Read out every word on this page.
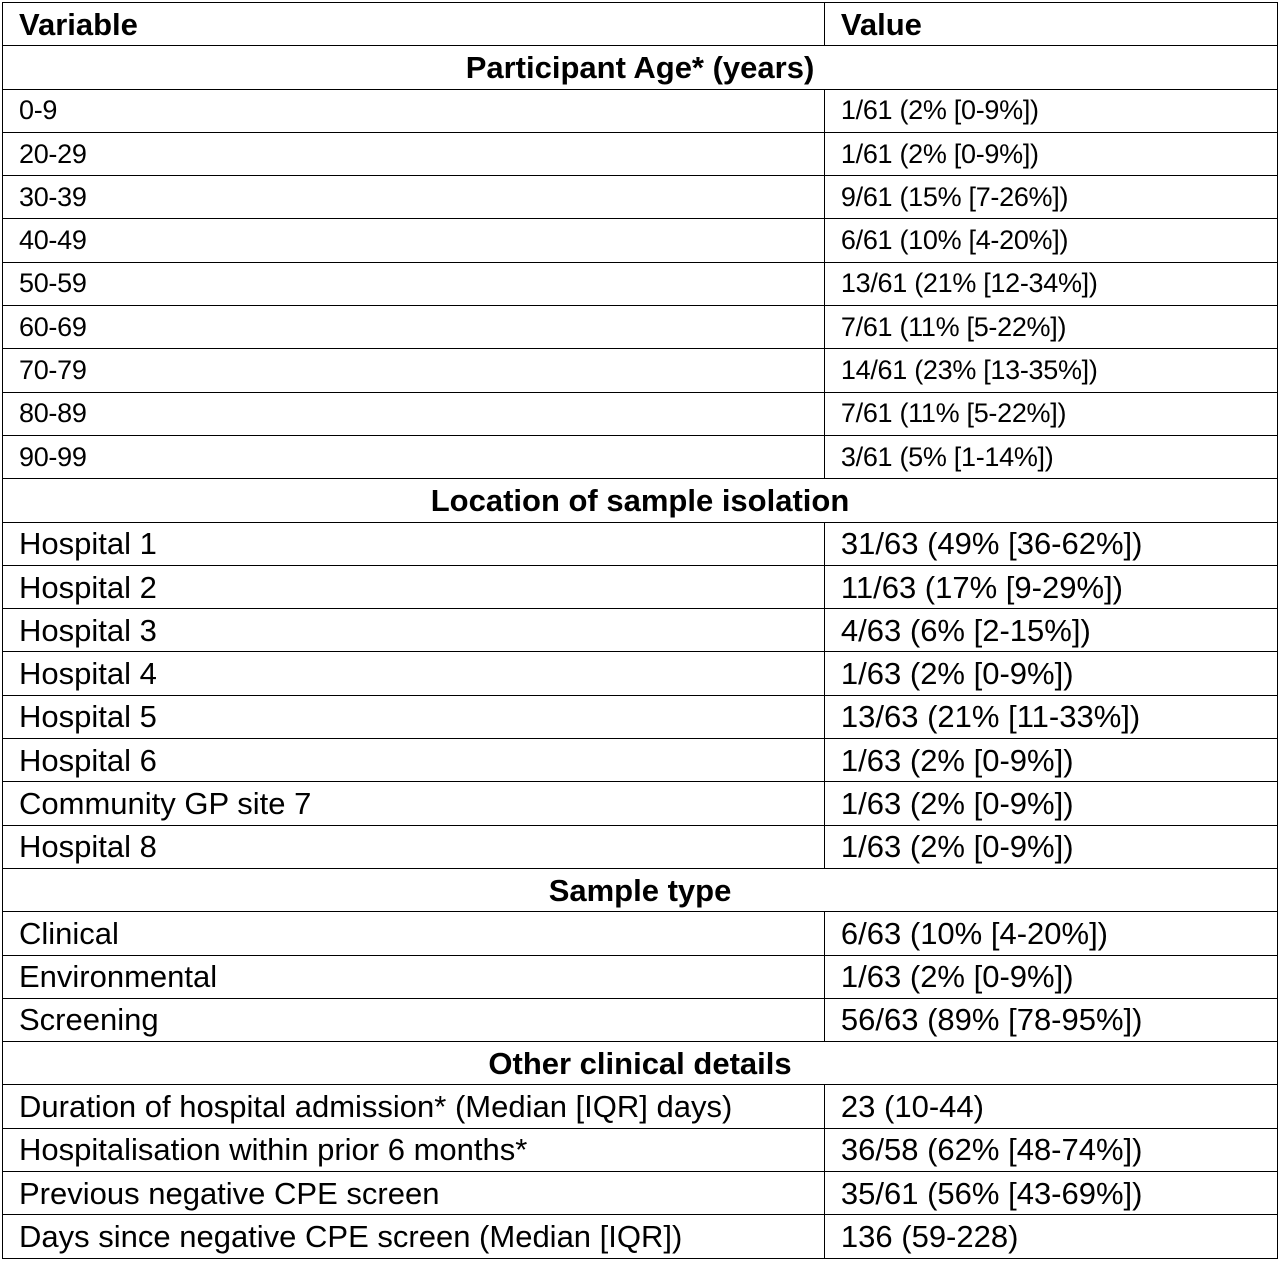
Variable	Value
Participant Age* (years)	
0-9	1/61 (2% [0-9%])
20-29	1/61 (2% [0-9%])
30-39	9/61 (15% [7-26%])
40-49	6/61 (10% [4-20%])
50-59	13/61 (21% [12-34%])
60-69	7/61 (11% [5-22%])
70-79	14/61 (23% [13-35%])
80-89	7/61 (11% [5-22%])
90-99	3/61 (5% [1-14%])
Location of sample isolation	
Hospital 1	31/63 (49% [36-62%])
Hospital 2	11/63 (17% [9-29%])
Hospital 3	4/63 (6% [2-15%])
Hospital 4	1/63 (2% [0-9%])
Hospital 5	13/63 (21% [11-33%])
Hospital 6	1/63 (2% [0-9%])
Community GP site 7	1/63 (2% [0-9%])
Hospital 8	1/63 (2% [0-9%])
Sample type	
Clinical	6/63 (10% [4-20%])
Environmental	1/63 (2% [0-9%])
Screening	56/63 (89% [78-95%])
Other clinical details	
Duration of hospital admission* (Median [IQR] days)	23 (10-44)
Hospitalisation within prior 6 months*	36/58 (62% [48-74%])
Previous negative CPE screen	35/61 (56% [43-69%])
Days since negative CPE screen (Median [IQR])	136 (59-228)
